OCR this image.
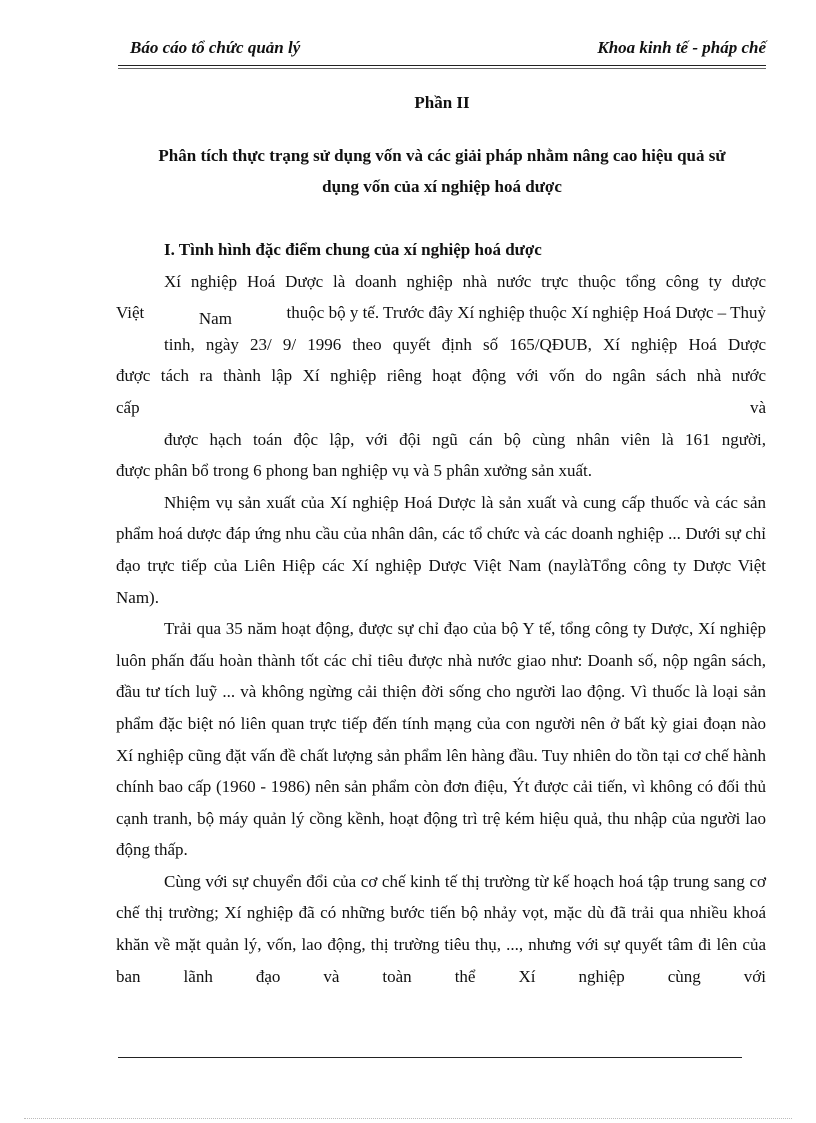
Báo cáo tổ chức quản lý	Khoa kinh tế - pháp chế
Phần II
Phân tích thực trạng sử dụng vốn và các giải pháp nhằm nâng cao hiệu quả sử
dụng vốn của xí nghiệp hoá dược
I. Tình hình đặc điểm chung của xí nghiệp hoá dược
Xí nghiệp Hoá Dược là doanh nghiệp nhà nước trực thuộc tổng công ty dược
Việt	Nam	thuộc bộ y tế. Trước đây Xí nghiệp thuộc Xí nghiệp Hoá Dược – Thuỷ
tinh, ngày 23/ 9/ 1996 theo quyết định số 165/QĐUB, Xí nghiệp Hoá Dược
được tách ra thành lập Xí nghiệp riêng hoạt động với vốn do ngân sách nhà nước
cấp	và
được hạch toán độc lập, với đội ngũ cán bộ cùng nhân viên là 161 người,
được phân bổ trong 6 phong ban nghiệp vụ và 5 phân xưởng sản xuất.

Nhiệm vụ sản xuất của Xí nghiệp Hoá Dược là sản xuất và cung cấp thuốc và các sản phẩm hoá dược đáp ứng nhu cầu của nhân dân, các tổ chức và các doanh nghiệp ... Dưới sự chỉ đạo trực tiếp của Liên Hiệp các Xí nghiệp Dược Việt Nam (naylàTổng công ty Dược Việt Nam).

Trải qua 35 năm hoạt động, được sự chỉ đạo của bộ Y tế, tổng công ty Dược, Xí nghiệp luôn phấn đấu hoàn thành tốt các chỉ tiêu được nhà nước giao như: Doanh số, nộp ngân sách, đầu tư tích luỹ ... và không ngừng cải thiện đời sống cho người lao động. Vì thuốc là loại sản phẩm đặc biệt nó liên quan trực tiếp đến tính mạng của con người nên ở bất kỳ giai đoạn nào Xí nghiệp cũng đặt vấn đề chất lượng sản phẩm lên hàng đầu. Tuy nhiên do tồn tại cơ chế hành chính bao cấp (1960 - 1986) nên sản phẩm còn đơn điệu, Ýt được cải tiến, vì không có đối thủ cạnh tranh, bộ máy quản lý cồng kềnh, hoạt động trì trệ kém hiệu quả, thu nhập của người lao động thấp.

Cùng với sự chuyển đổi của cơ chế kinh tế thị trường từ kế hoạch hoá tập trung sang cơ chế thị trường; Xí nghiệp đã có những bước tiến bộ nhảy vọt, mặc dù đã trải qua nhiều khoá khăn về mặt quản lý, vốn, lao động, thị trường tiêu thụ, ..., nhưng với sự quyết tâm đi lên của ban lãnh đạo và toàn thể Xí nghiệp cùng với
